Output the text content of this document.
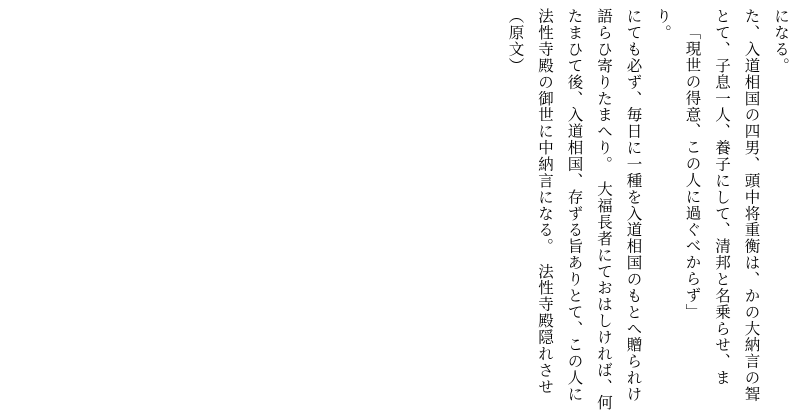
（原文） 法性寺殿の御世に中納言になる。　法性寺殿隠れさせ たまひて後、入道相国、存ずる旨ありとて、この人に 語らひ寄りたまへり。　大福長者にておはしければ、何 にても必ず、毎日に一種を入道相国のもとへ贈られけ り。 「現世の得意、この人に過ぐべからず」 とて、子息一人、養子にして、清邦と名乗らせ、ま た、入道相国の四男、頭中将重衡は、かの大納言の聟 になる。
